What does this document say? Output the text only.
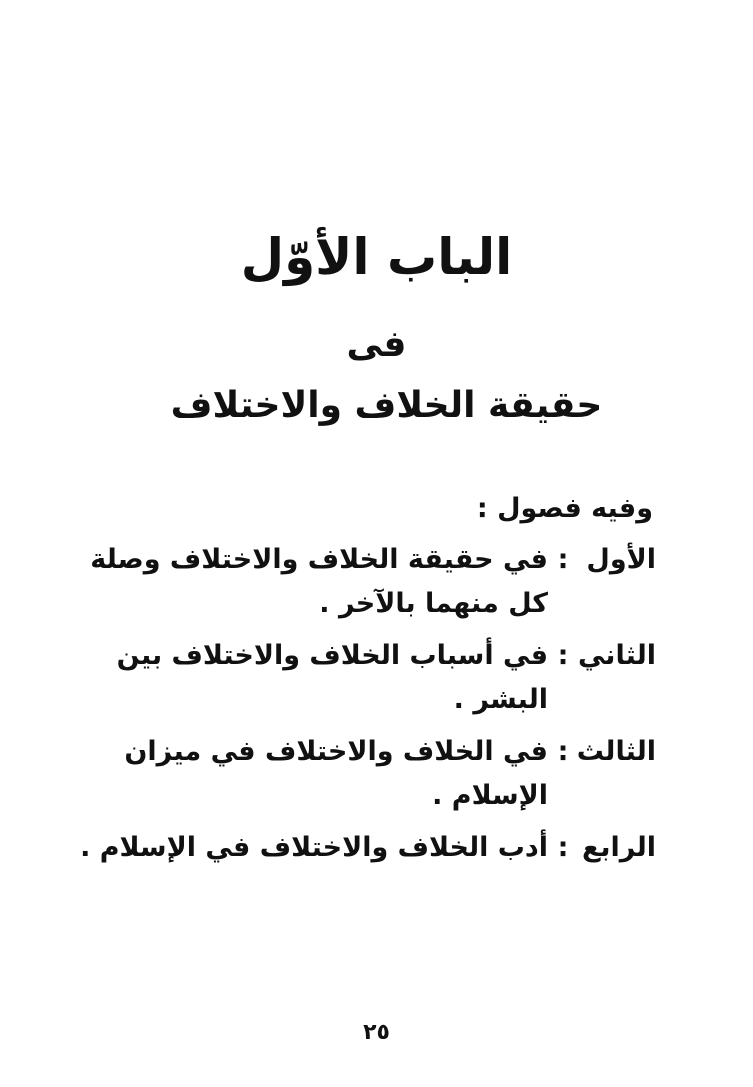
الباب الأوّل
فى
حقيقة الخلاف والاختلاف
وفيه فصول :
الأول
:
في حقيقة الخلاف والاختلاف وصلة كل منهما بالآخر .
الثاني
:
في أسباب الخلاف والاختلاف بين البشر .
الثالث
:
في الخلاف والاختلاف في ميزان الإسلام .
الرابع
:
أدب الخلاف والاختلاف في الإسلام .
٢٥
